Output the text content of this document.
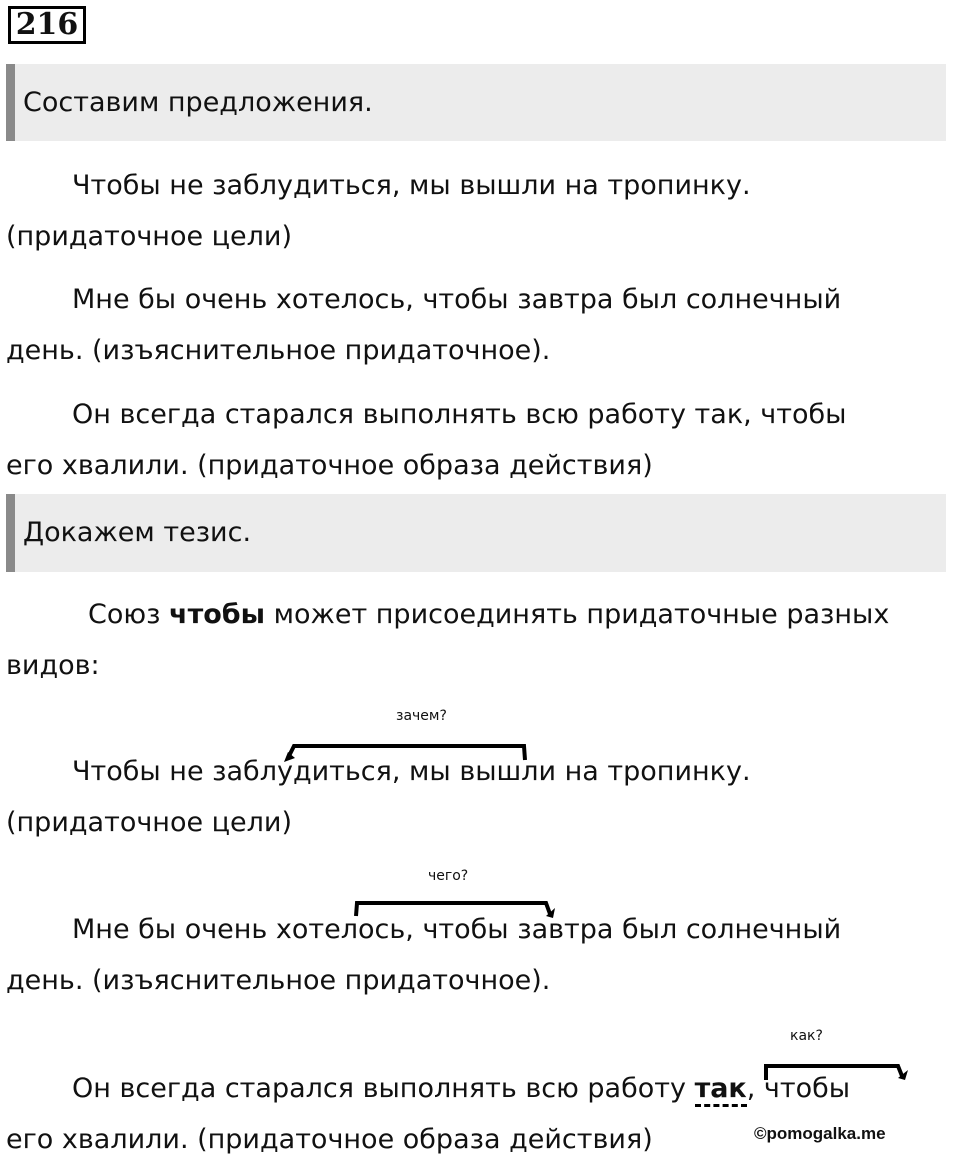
216
Составим предложения.
Чтобы не заблудиться, мы вышли на тропинку.
(придаточное цели)
Мне бы очень хотелось, чтобы завтра был солнечный
день. (изъяснительное придаточное).
Он всегда старался выполнять всю работу так, чтобы
его хвалили. (придаточное образа действия)
Докажем тезис.
Союз чтобы может присоединять придаточные разных
видов:
зачем?
Чтобы не заблудиться, мы вышли на тропинку.
(придаточное цели)
чего?
Мне бы очень хотелось, чтобы завтра был солнечный
день. (изъяснительное придаточное).
как?
Он всегда старался выполнять всю работу так, чтобы
его хвалили. (придаточное образа действия)	©pomogalka.me
